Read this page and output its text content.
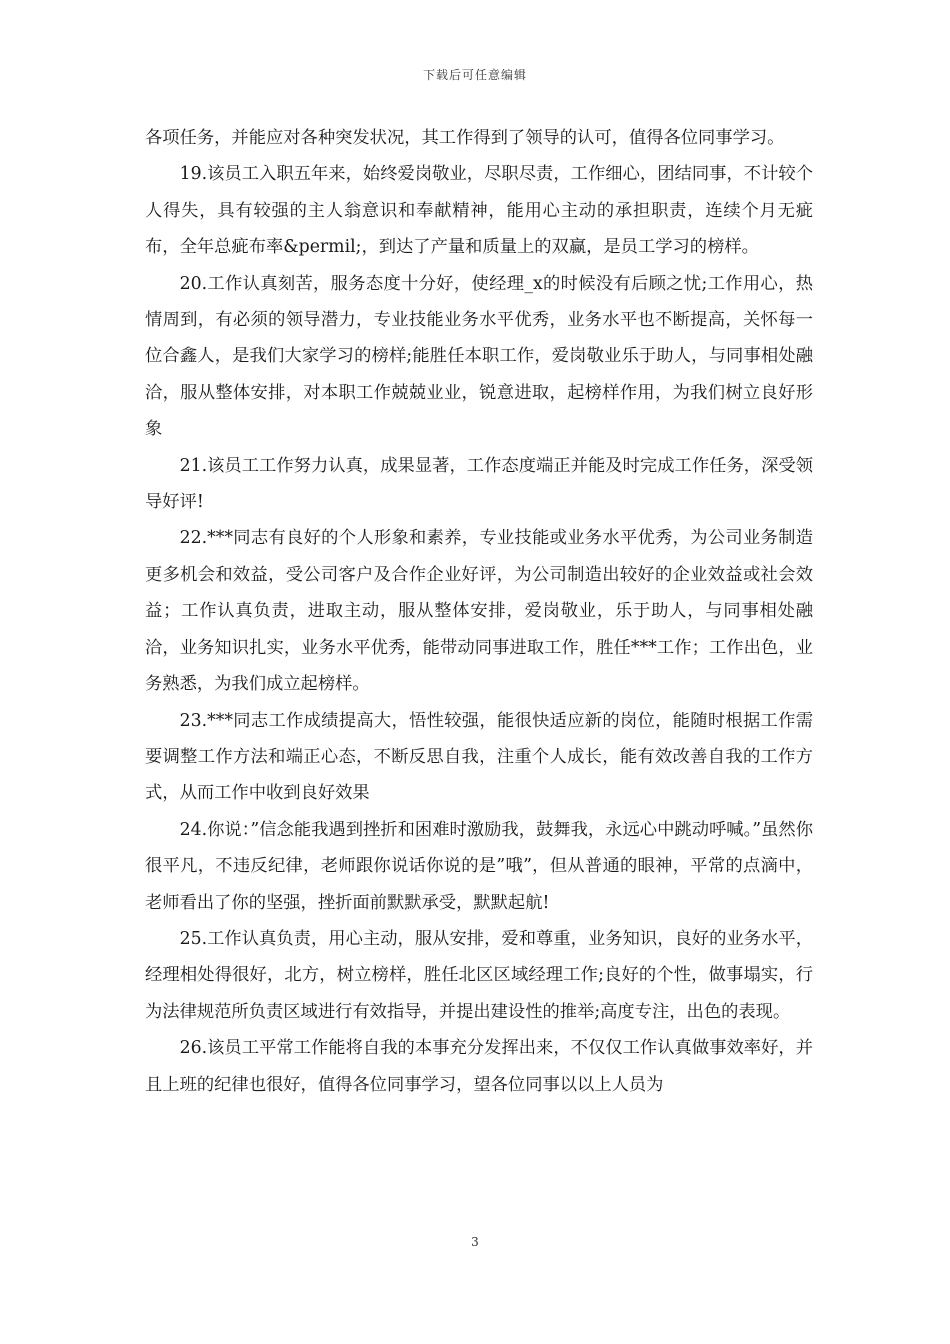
下载后可任意编辑

各项任务，并能应对各种突发状况，其工作得到了领导的认可，值得各位同事学习。

19.该员工入职五年来，始终爱岗敬业，尽职尽责，工作细心，团结同事，不计较个人得失，具有较强的主人翁意识和奉献精神，能用心主动的承担职责，连续个月无疵布，全年总疵布率&permil;，到达了产量和质量上的双赢，是员工学习的榜样。

20.工作认真刻苦，服务态度十分好，使经理_x的时候没有后顾之忧;工作用心，热情周到，有必须的领导潜力，专业技能业务水平优秀，业务水平也不断提高，关怀每一位合鑫人，是我们大家学习的榜样;能胜任本职工作，爱岗敬业乐于助人，与同事相处融洽，服从整体安排，对本职工作兢兢业业，锐意进取，起榜样作用，为我们树立良好形象

21.该员工工作努力认真，成果显著，工作态度端正并能及时完成工作任务，深受领导好评!

22.***同志有良好的个人形象和素养，专业技能或业务水平优秀，为公司业务制造更多机会和效益，受公司客户及合作企业好评，为公司制造出较好的企业效益或社会效益；工作认真负责，进取主动，服从整体安排，爱岗敬业，乐于助人，与同事相处融洽，业务知识扎实，业务水平优秀，能带动同事进取工作，胜任***工作；工作出色，业务熟悉，为我们成立起榜样。

23.***同志工作成绩提高大，悟性较强，能很快适应新的岗位，能随时根据工作需要调整工作方法和端正心态，不断反思自我，注重个人成长，能有效改善自我的工作方式，从而工作中收到良好效果

24.你说：”信念能我遇到挫折和困难时激励我，鼓舞我，永远心中跳动呼喊。”虽然你很平凡，不违反纪律，老师跟你说话你说的是”哦”，但从普通的眼神，平常的点滴中，老师看出了你的坚强，挫折面前默默承受，默默起航!

25.工作认真负责，用心主动，服从安排，爱和尊重，业务知识，良好的业务水平，经理相处得很好，北方，树立榜样，胜任北区区域经理工作;良好的个性，做事塌实，行为法律规范所负责区域进行有效指导，并提出建设性的推举;高度专注，出色的表现。

26.该员工平常工作能将自我的本事充分发挥出来，不仅仅工作认真做事效率好，并且上班的纪律也很好，值得各位同事学习，望各位同事以以上人员为

3
